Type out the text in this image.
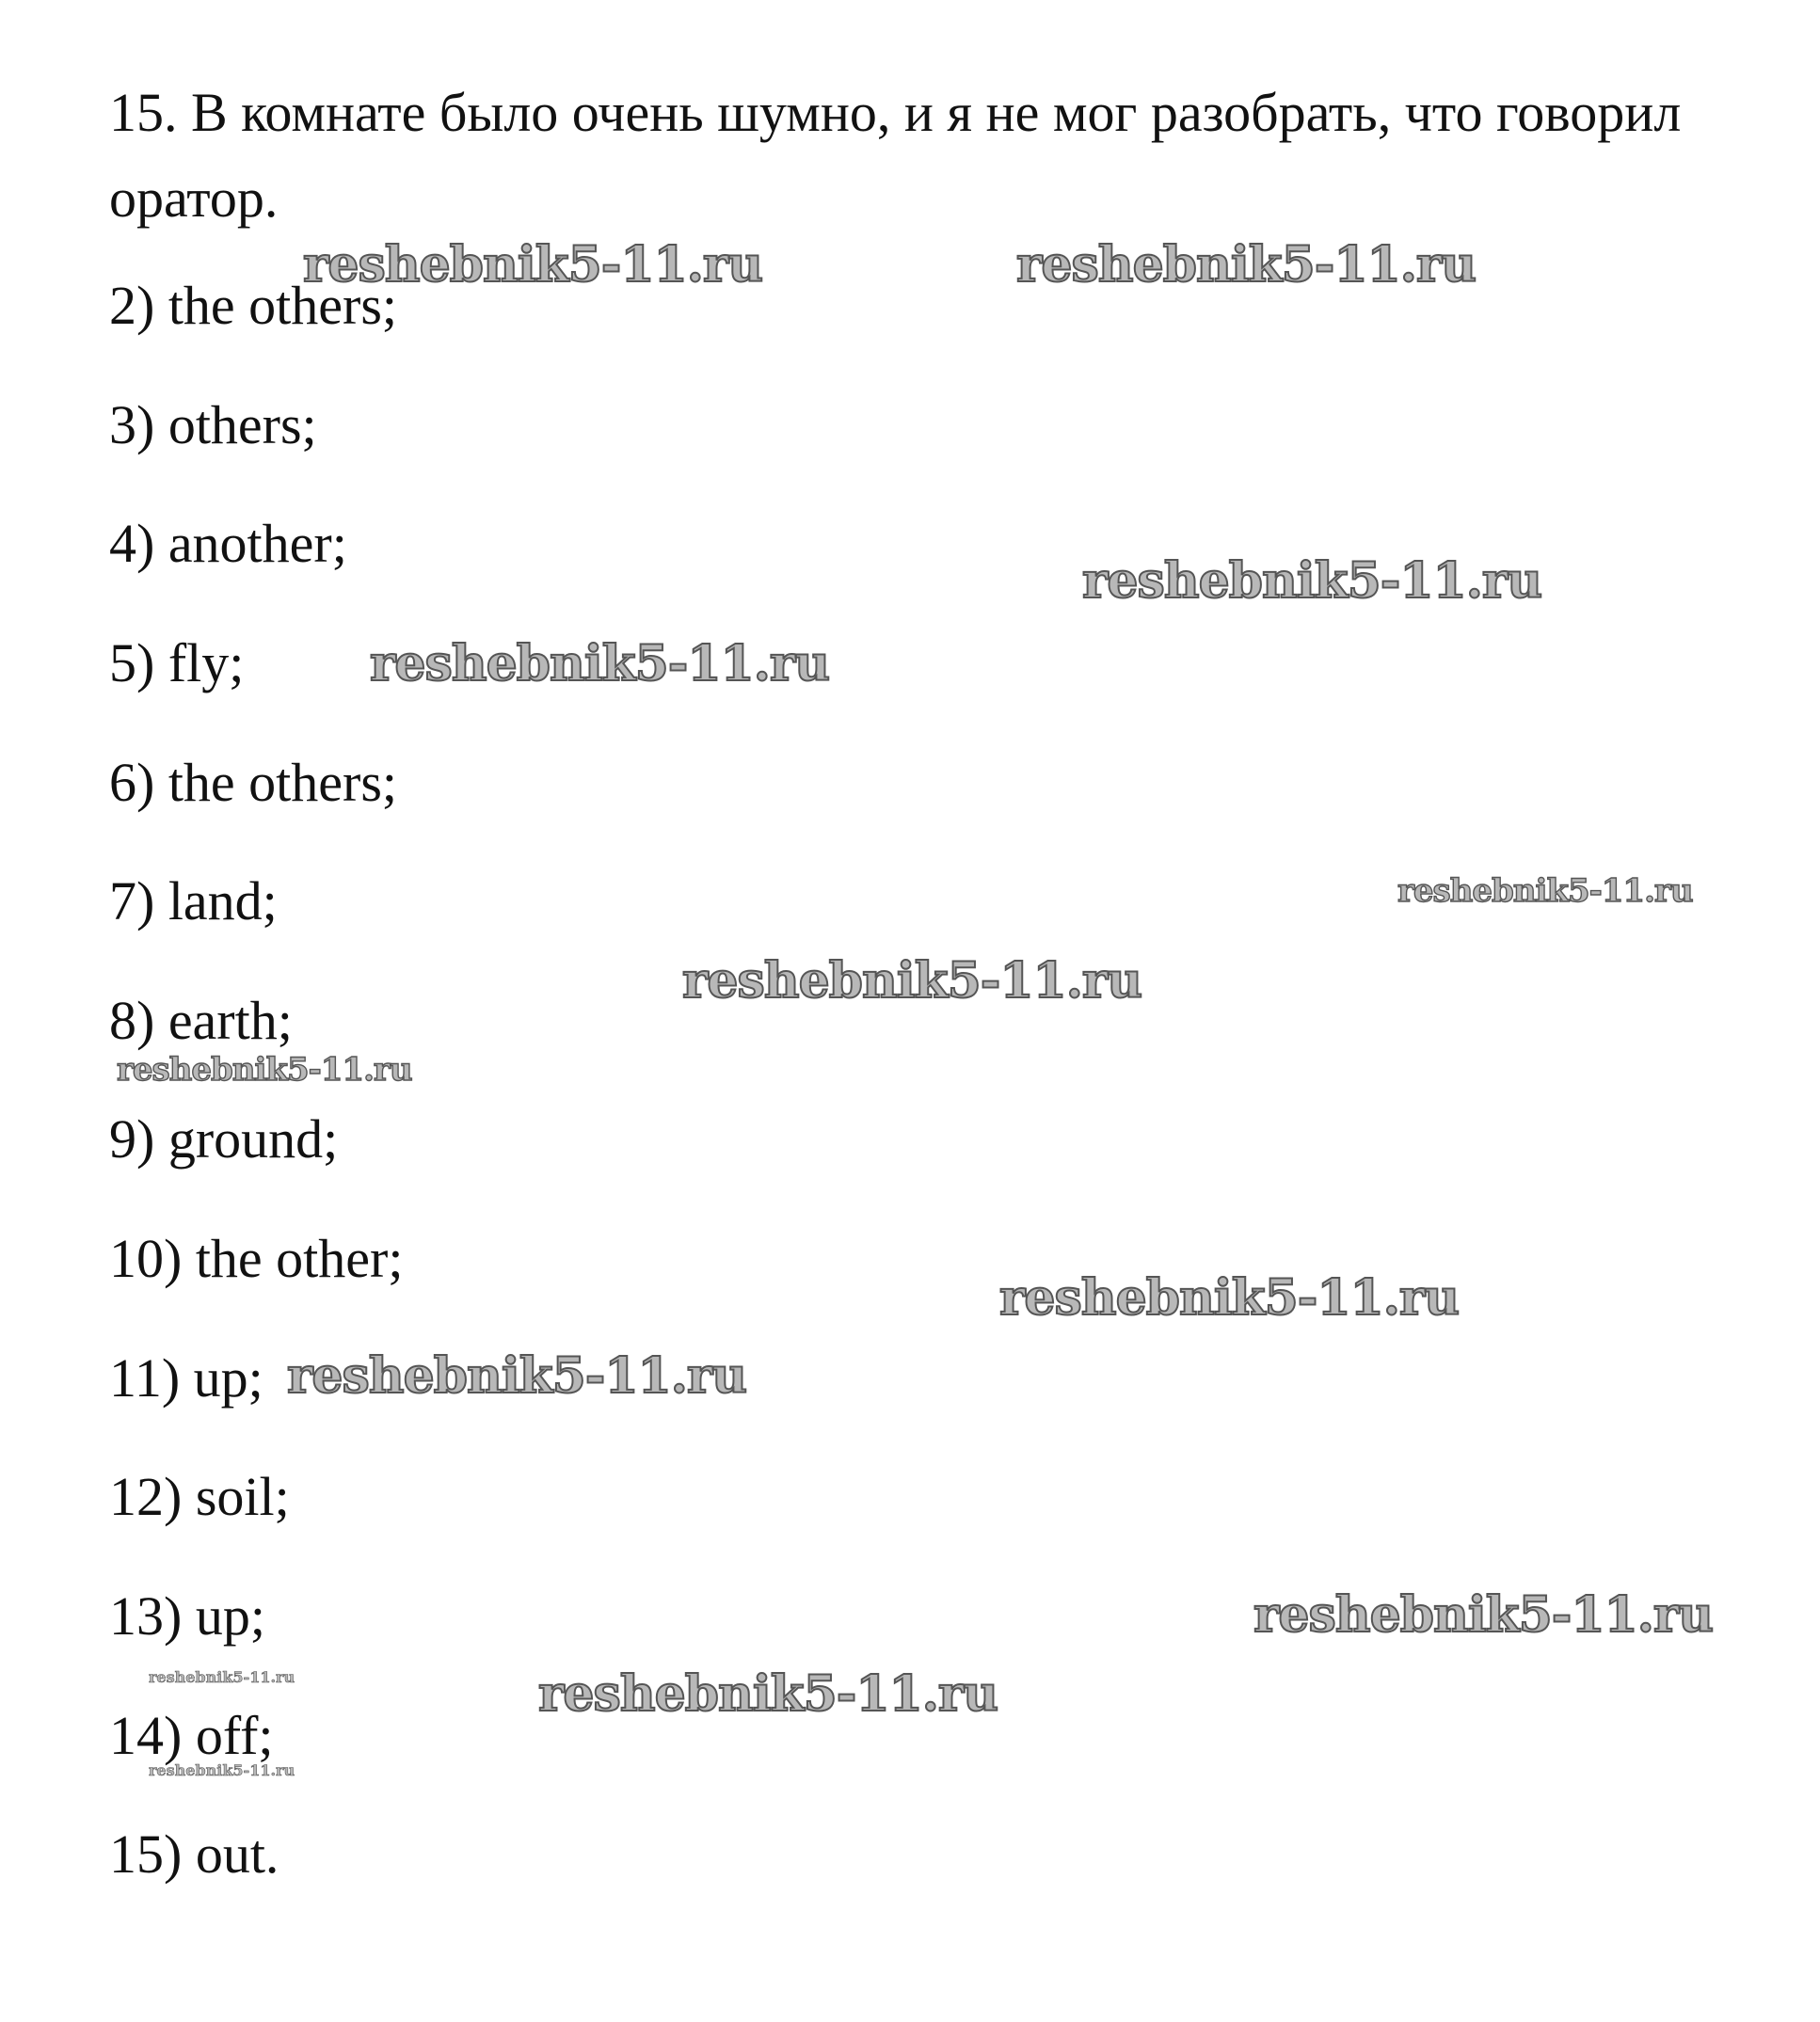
15. В комнате было очень шумно, и я не мог разобрать, что говорил оратор.

2) the others;
3) others;
4) another;
5) fly;
6) the others;
7) land;
8) earth;
9) ground;
10) the other;
11) up;
12) soil;
13) up;
14) off;
15) out.
reshebnik5-11.ru	reshebnik5-11.ru
reshebnik5-11.ru
reshebnik5-11.ru
reshebnik5-11.ru
reshebnik5-11.ru
reshebnik5-11.ru
reshebnik5-11.ru
reshebnik5-11.ru
reshebnik5-11.ru
reshebnik5-11.ru
reshebnik5-11.ru
reshebnik5-11.ru
